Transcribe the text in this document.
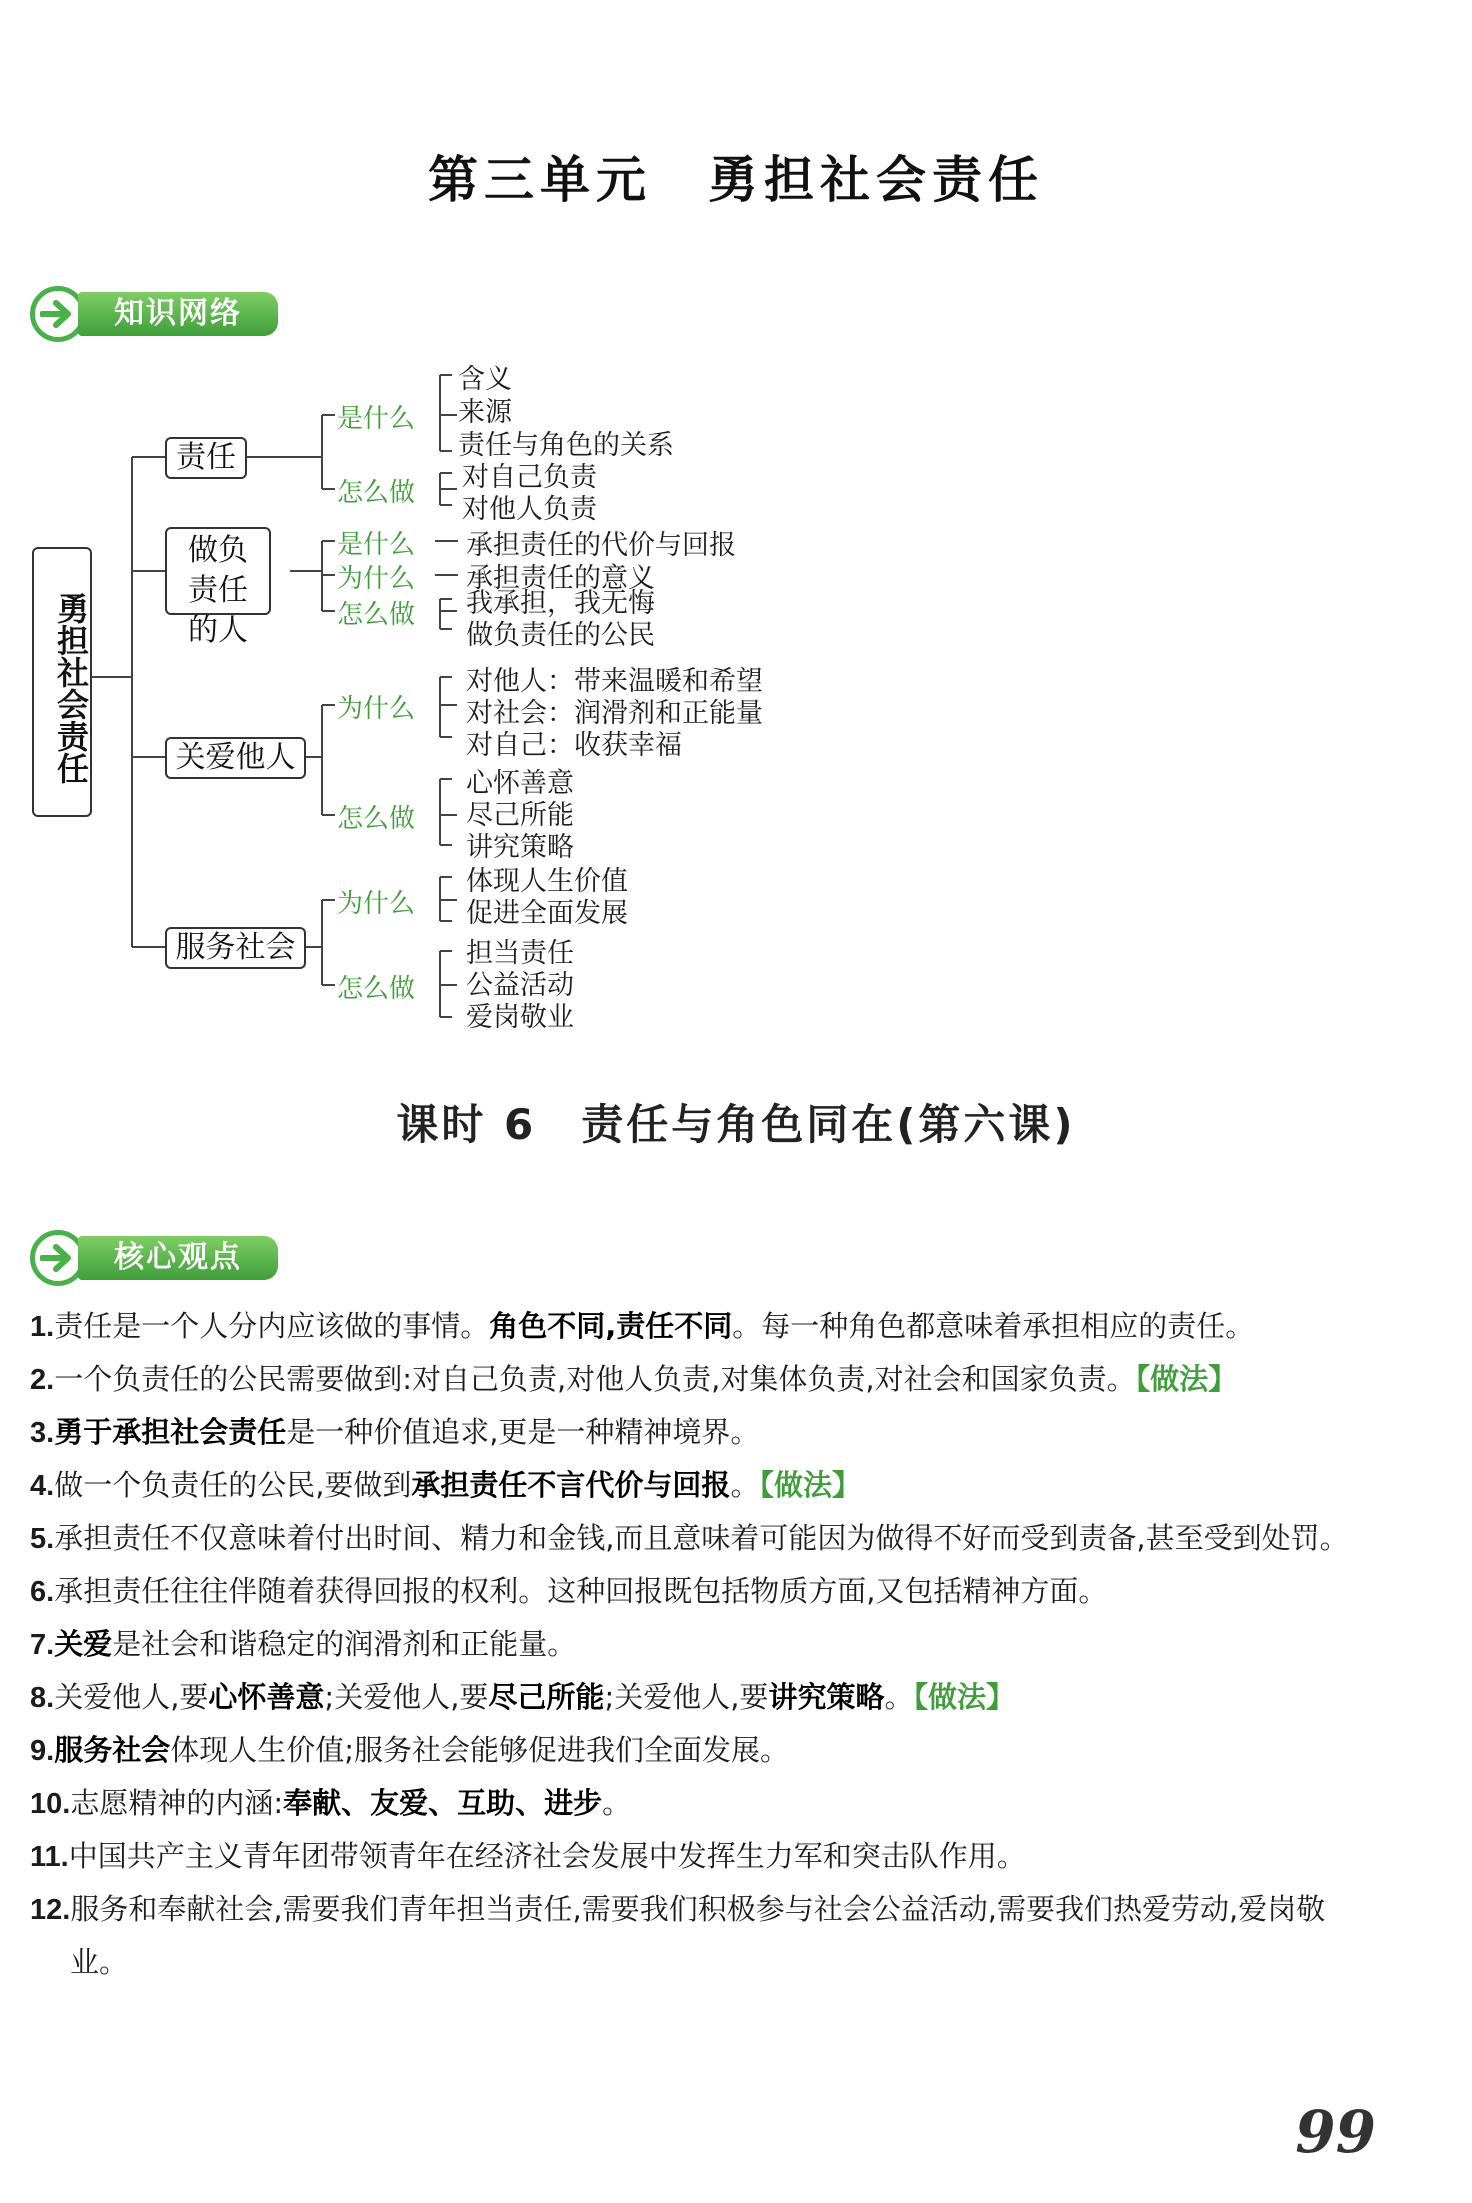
第三单元　勇担社会责任
知识网络
勇担社会责任
责任
做负责任的人
关爱他人
服务社会
是什么
怎么做
含义
来源
责任与角色的关系
对自己负责
对他人负责
是什么
为什么
怎么做
承担责任的代价与回报
承担责任的意义
我承担，我无悔
做负责任的公民
为什么
怎么做
对他人：带来温暖和希望
对社会：润滑剂和正能量
对自己：收获幸福
心怀善意
尽己所能
讲究策略
为什么
怎么做
体现人生价值
促进全面发展
担当责任
公益活动
爱岗敬业
课时 6　责任与角色同在(第六课)
核心观点
1.责任是一个人分内应该做的事情。角色不同,责任不同。每一种角色都意味着承担相应的责任。
2.一个负责任的公民需要做到:对自己负责,对他人负责,对集体负责,对社会和国家负责。【做法】
3.勇于承担社会责任是一种价值追求,更是一种精神境界。
4.做一个负责任的公民,要做到承担责任不言代价与回报。【做法】
5.承担责任不仅意味着付出时间、精力和金钱,而且意味着可能因为做得不好而受到责备,甚至受到处罚。
6.承担责任往往伴随着获得回报的权利。这种回报既包括物质方面,又包括精神方面。
7.关爱是社会和谐稳定的润滑剂和正能量。
8.关爱他人,要心怀善意;关爱他人,要尽己所能;关爱他人,要讲究策略。【做法】
9.服务社会体现人生价值;服务社会能够促进我们全面发展。
10.志愿精神的内涵:奉献、友爱、互助、进步。
11.中国共产主义青年团带领青年在经济社会发展中发挥生力军和突击队作用。
12.服务和奉献社会,需要我们青年担当责任,需要我们积极参与社会公益活动,需要我们热爱劳动,爱岗敬业。
99
